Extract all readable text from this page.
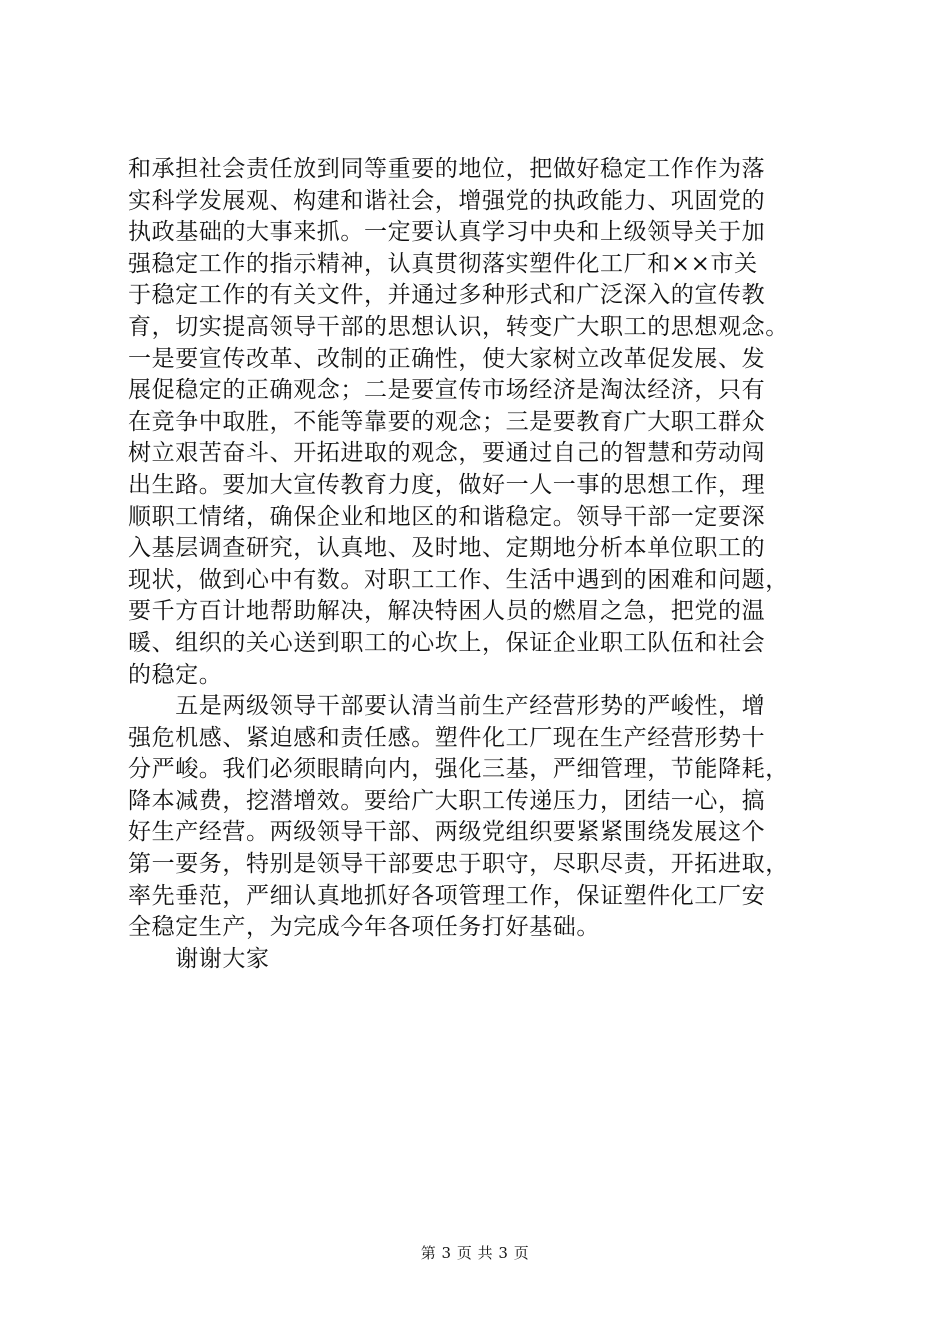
和承担社会责任放到同等重要的地位，把做好稳定工作作为落
实科学发展观、构建和谐社会，增强党的执政能力、巩固党的
执政基础的大事来抓。一定要认真学习中央和上级领导关于加
强稳定工作的指示精神，认真贯彻落实塑件化工厂和××市关
于稳定工作的有关文件，并通过多种形式和广泛深入的宣传教
育，切实提高领导干部的思想认识，转变广大职工的思想观念。
一是要宣传改革、改制的正确性，使大家树立改革促发展、发
展促稳定的正确观念；二是要宣传市场经济是淘汰经济，只有
在竞争中取胜，不能等靠要的观念；三是要教育广大职工群众
树立艰苦奋斗、开拓进取的观念，要通过自己的智慧和劳动闯
出生路。要加大宣传教育力度，做好一人一事的思想工作，理
顺职工情绪，确保企业和地区的和谐稳定。领导干部一定要深
入基层调查研究，认真地、及时地、定期地分析本单位职工的
现状，做到心中有数。对职工工作、生活中遇到的困难和问题，
要千方百计地帮助解决，解决特困人员的燃眉之急，把党的温
暖、组织的关心送到职工的心坎上，保证企业职工队伍和社会
的稳定。
　　五是两级领导干部要认清当前生产经营形势的严峻性，增
强危机感、紧迫感和责任感。塑件化工厂现在生产经营形势十
分严峻。我们必须眼睛向内，强化三基，严细管理，节能降耗，
降本减费，挖潜增效。要给广大职工传递压力，团结一心，搞
好生产经营。两级领导干部、两级党组织要紧紧围绕发展这个
第一要务，特别是领导干部要忠于职守，尽职尽责，开拓进取，
率先垂范，严细认真地抓好各项管理工作，保证塑件化工厂安
全稳定生产，为完成今年各项任务打好基础。
　　谢谢大家
第 3 页 共 3 页
